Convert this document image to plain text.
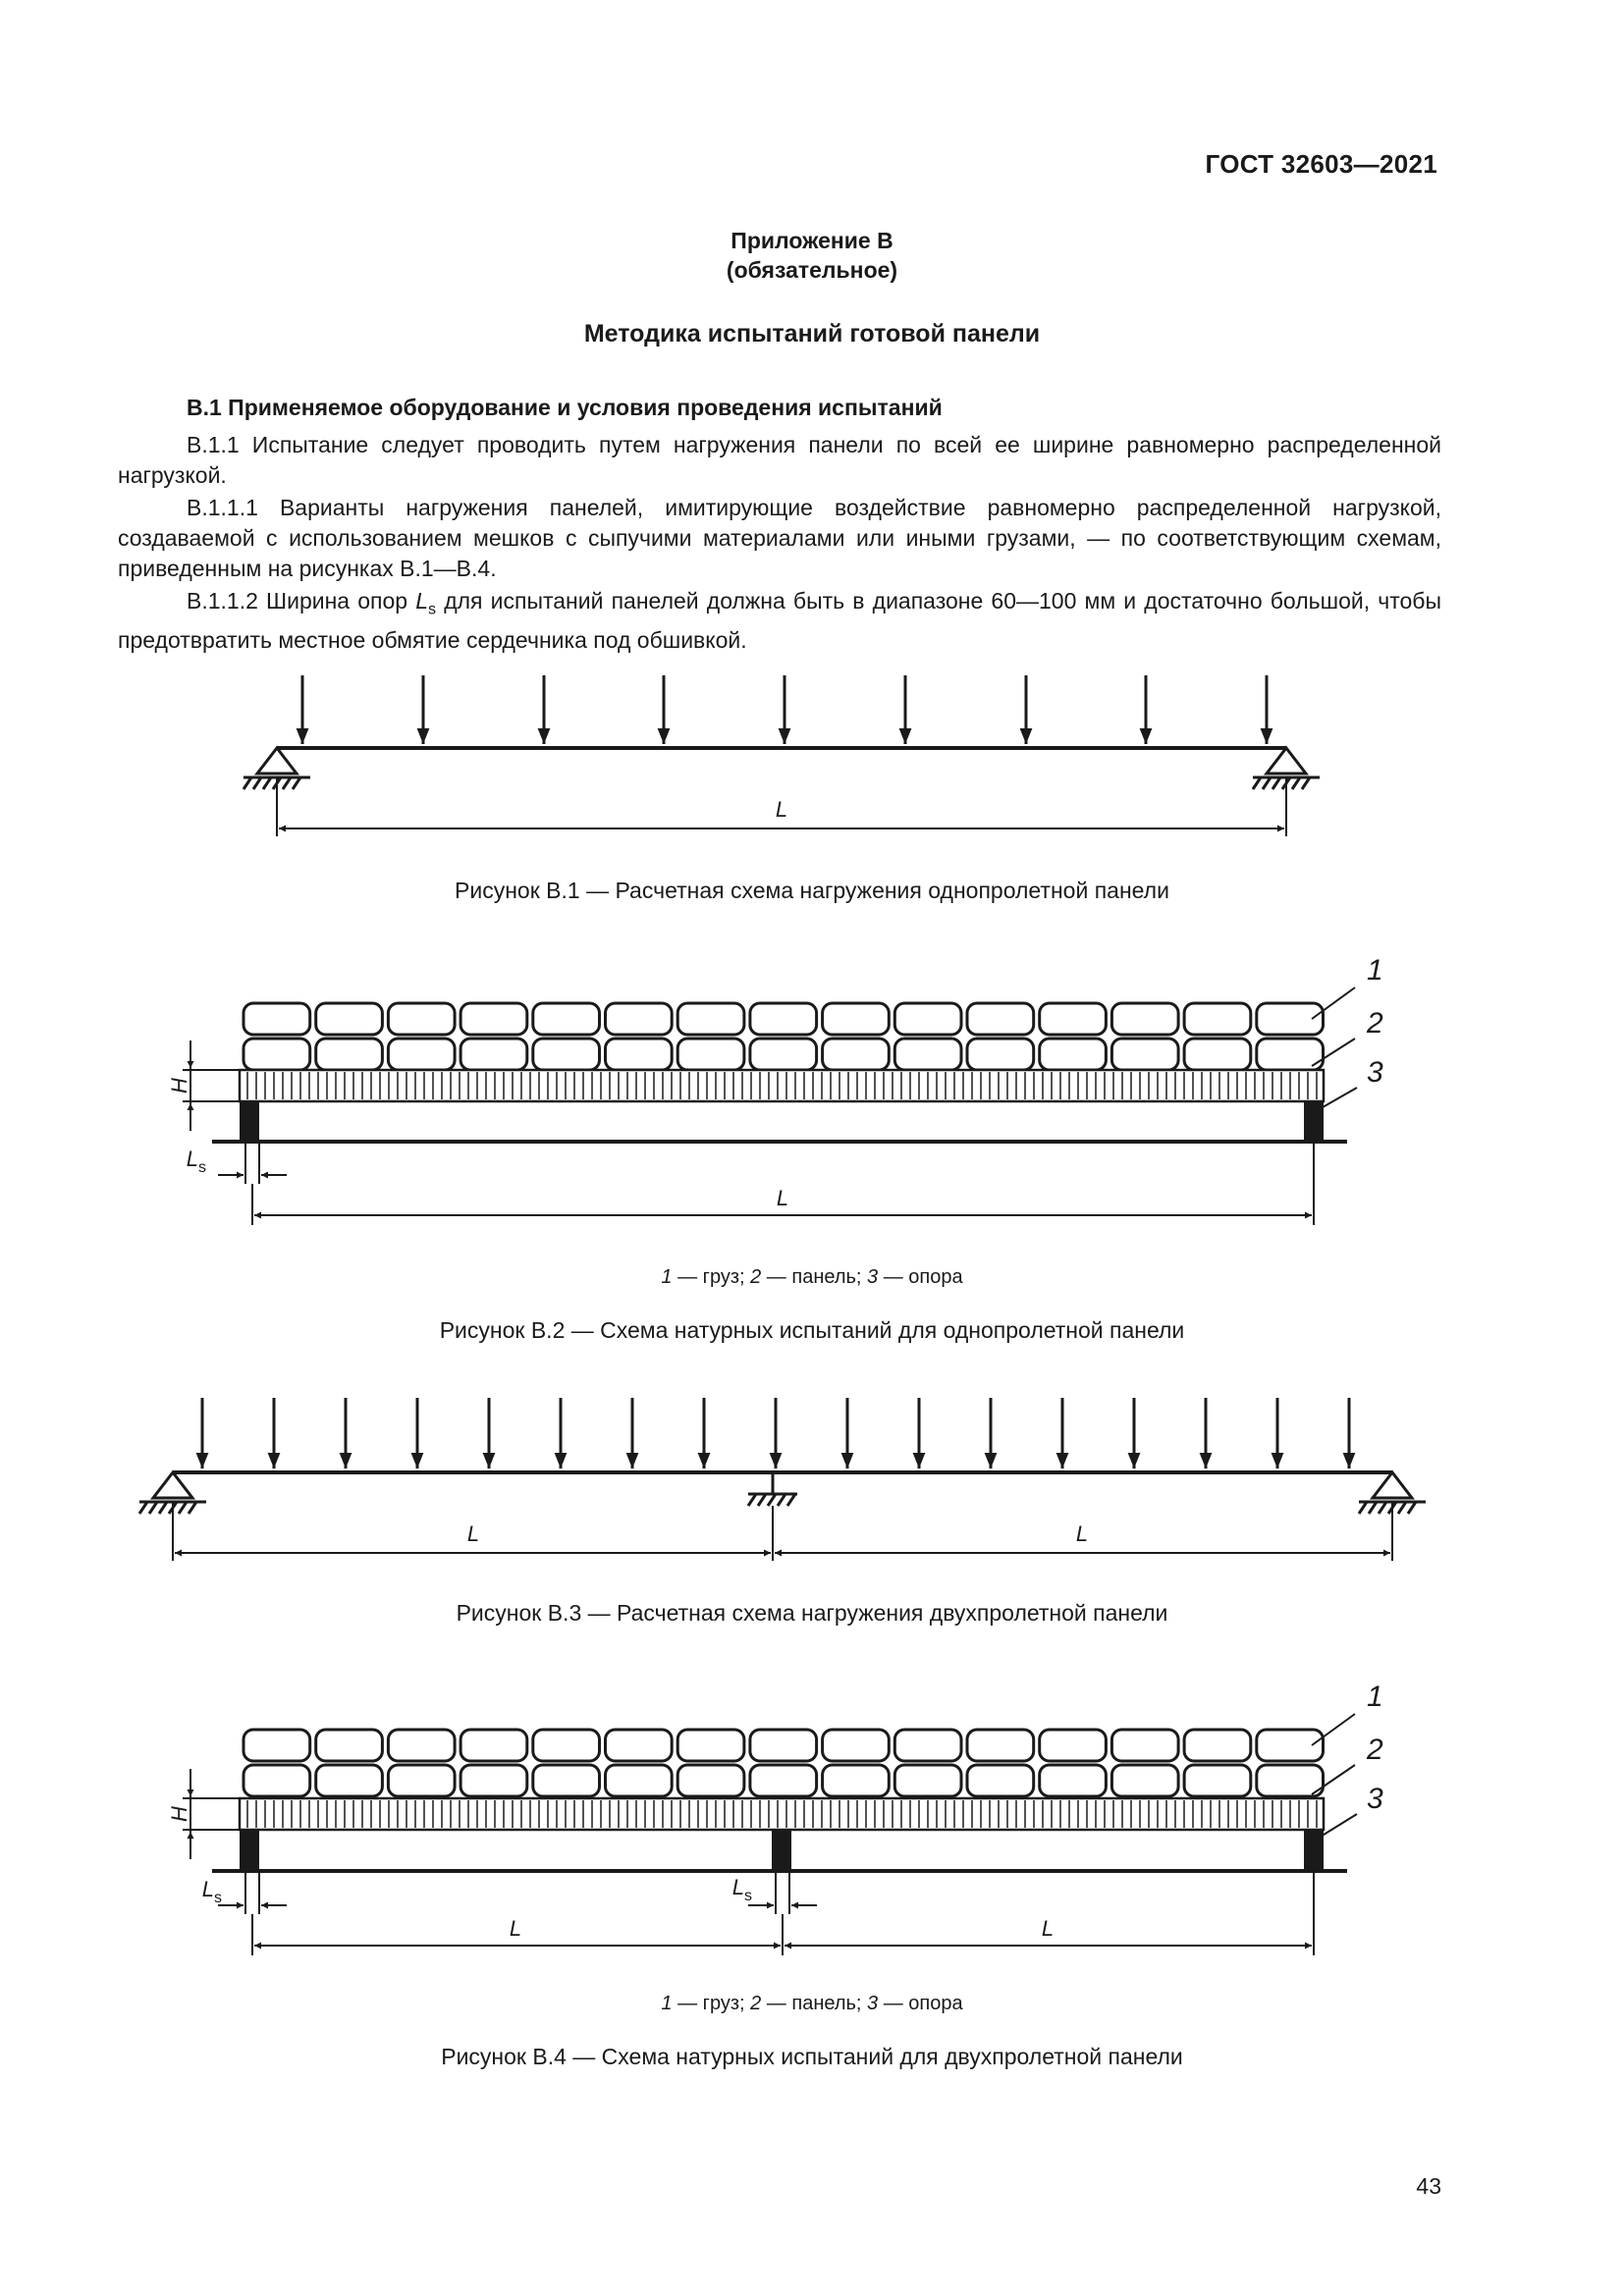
ГОСТ 32603—2021
Приложение В
(обязательное)
Методика испытаний готовой панели
В.1 Применяемое оборудование и условия проведения испытаний

В.1.1 Испытание следует проводить путем нагружения панели по всей ее ширине равномерно распределенной нагрузкой.

В.1.1.1 Варианты нагружения панелей, имитирующие воздействие равномерно распределенной нагрузкой, создаваемой с использованием мешков с сыпучими материалами или иными грузами, — по соответствующим схемам, приведенным на рисунках В.1—В.4.

В.1.1.2 Ширина опор $L_s$ для испытаний панелей должна быть в диапазоне 60—100 мм и достаточно большой, чтобы предотвратить местное обмятие сердечника под обшивкой.

L
Рисунок В.1 — Расчетная схема нагружения однопролетной панели
1
2
3
H
$L_s$
L
1 — груз; 2 — панель; 3 — опора
Рисунок В.2 — Схема натурных испытаний для однопролетной панели
L	L
Рисунок В.3 — Расчетная схема нагружения двухпролетной панели
1
2
3
H
$L_s$	$L_s$
L	L
1 — груз; 2 — панель; 3 — опора
Рисунок В.4 — Схема натурных испытаний для двухпролетной панели
43
